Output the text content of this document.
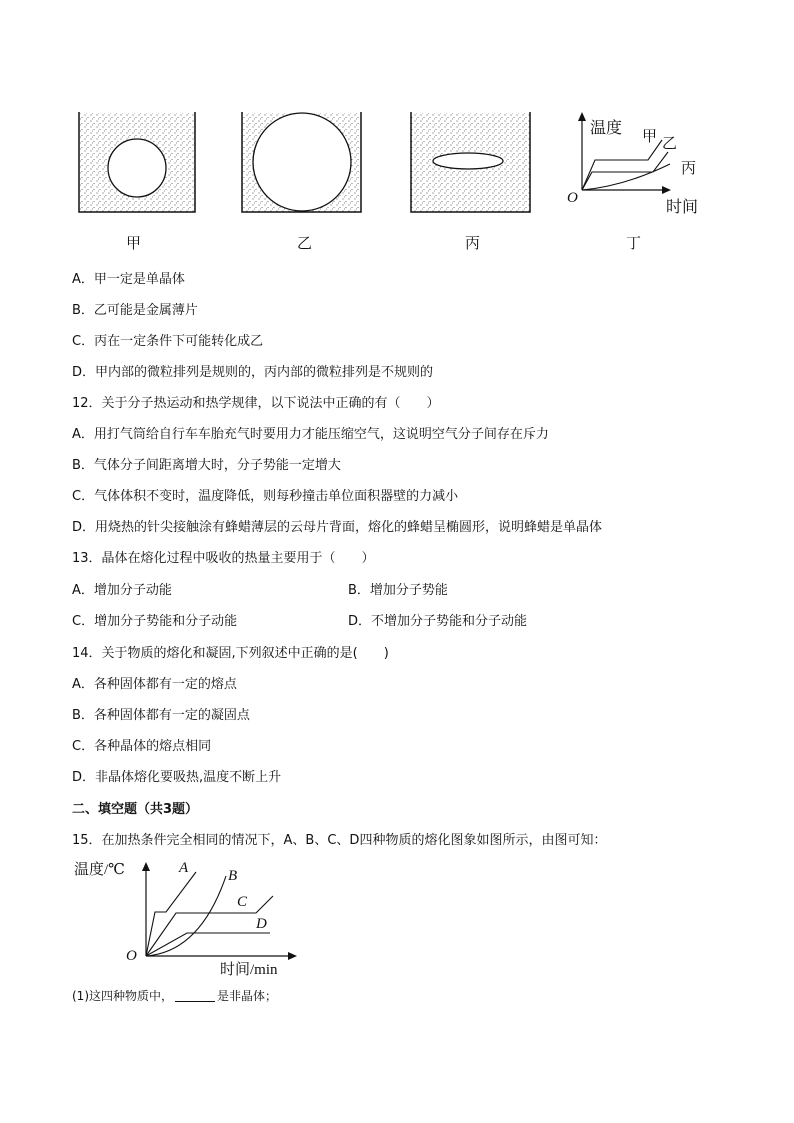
温度 甲 乙
丙
O	时间
甲	乙	丙	丁
A．甲一定是单晶体
B．乙可能是金属薄片
C．丙在一定条件下可能转化成乙
D．甲内部的微粒排列是规则的，丙内部的微粒排列是不规则的
12．关于分子热运动和热学规律，以下说法中正确的有（　　）
A．用打气筒给自行车车胎充气时要用力才能压缩空气，这说明空气分子间存在斥力
B．气体分子间距离增大时，分子势能一定增大
C．气体体积不变时，温度降低，则每秒撞击单位面积器壁的力减小
D．用烧热的针尖接触涂有蜂蜡薄层的云母片背面，熔化的蜂蜡呈椭圆形，说明蜂蜡是单晶体
13．晶体在熔化过程中吸收的热量主要用于（　　）
A．增加分子动能	B．增加分子势能
C．增加分子势能和分子动能	D．不增加分子势能和分子动能
14．关于物质的熔化和凝固,下列叙述中正确的是(　　)
A．各种固体都有一定的熔点
B．各种固体都有一定的凝固点
C．各种晶体的熔点相同
D．非晶体熔化要吸热,温度不断上升
二、填空题（共3题）
15．在加热条件完全相同的情况下，A、B、C、D四种物质的熔化图象如图所示，由图可知：
温度/℃	A	B
C
D
O
时间/min
(1)这四种物质中，	是非晶体；
